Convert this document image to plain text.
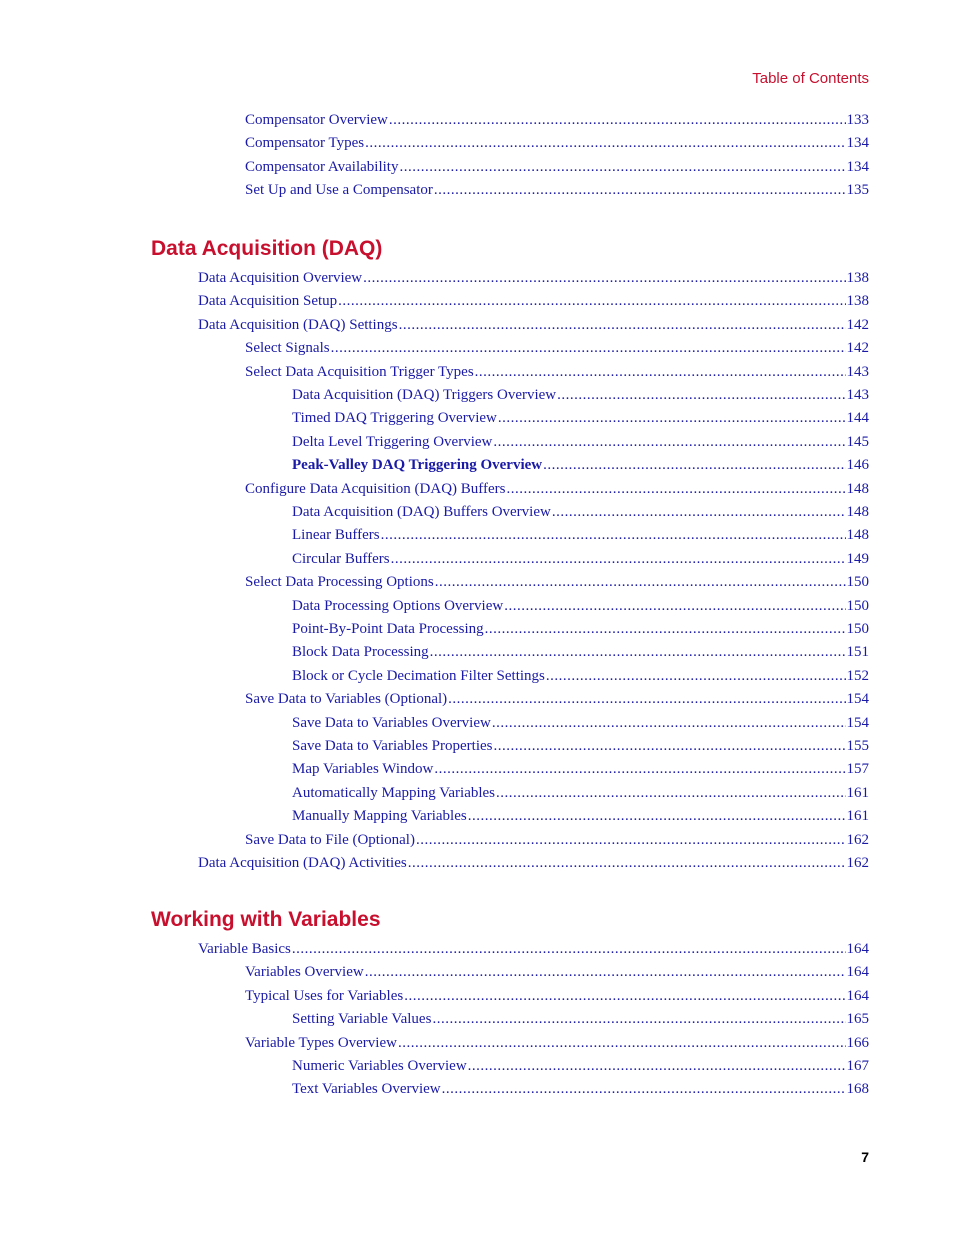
Table of Contents
Compensator Overview .....	133
Compensator Types .....	134
Compensator Availability .....	134
Set Up and Use a Compensator .....	135
Data Acquisition (DAQ)
Data Acquisition Overview .....	138
Data Acquisition Setup .....	138
Data Acquisition (DAQ) Settings .....	142
Select Signals .....	142
Select Data Acquisition Trigger Types .....	143
Data Acquisition (DAQ) Triggers Overview .....	143
Timed DAQ Triggering Overview .....	144
Delta Level Triggering Overview .....	145
Peak-Valley DAQ Triggering Overview .....	146
Configure Data Acquisition (DAQ) Buffers .....	148
Data Acquisition (DAQ) Buffers Overview .....	148
Linear Buffers .....	148
Circular Buffers .....	149
Select Data Processing Options .....	150
Data Processing Options Overview .....	150
Point-By-Point Data Processing .....	150
Block Data Processing .....	151
Block or Cycle Decimation Filter Settings .....	152
Save Data to Variables (Optional) .....	154
Save Data to Variables Overview .....	154
Save Data to Variables Properties .....	155
Map Variables Window .....	157
Automatically Mapping Variables .....	161
Manually Mapping Variables .....	161
Save Data to File (Optional) .....	162
Data Acquisition (DAQ) Activities .....	162
Working with Variables
Variable Basics .....	164
Variables Overview .....	164
Typical Uses for Variables .....	164
Setting Variable Values .....	165
Variable Types Overview .....	166
Numeric Variables Overview .....	167
Text Variables Overview .....	168
7
